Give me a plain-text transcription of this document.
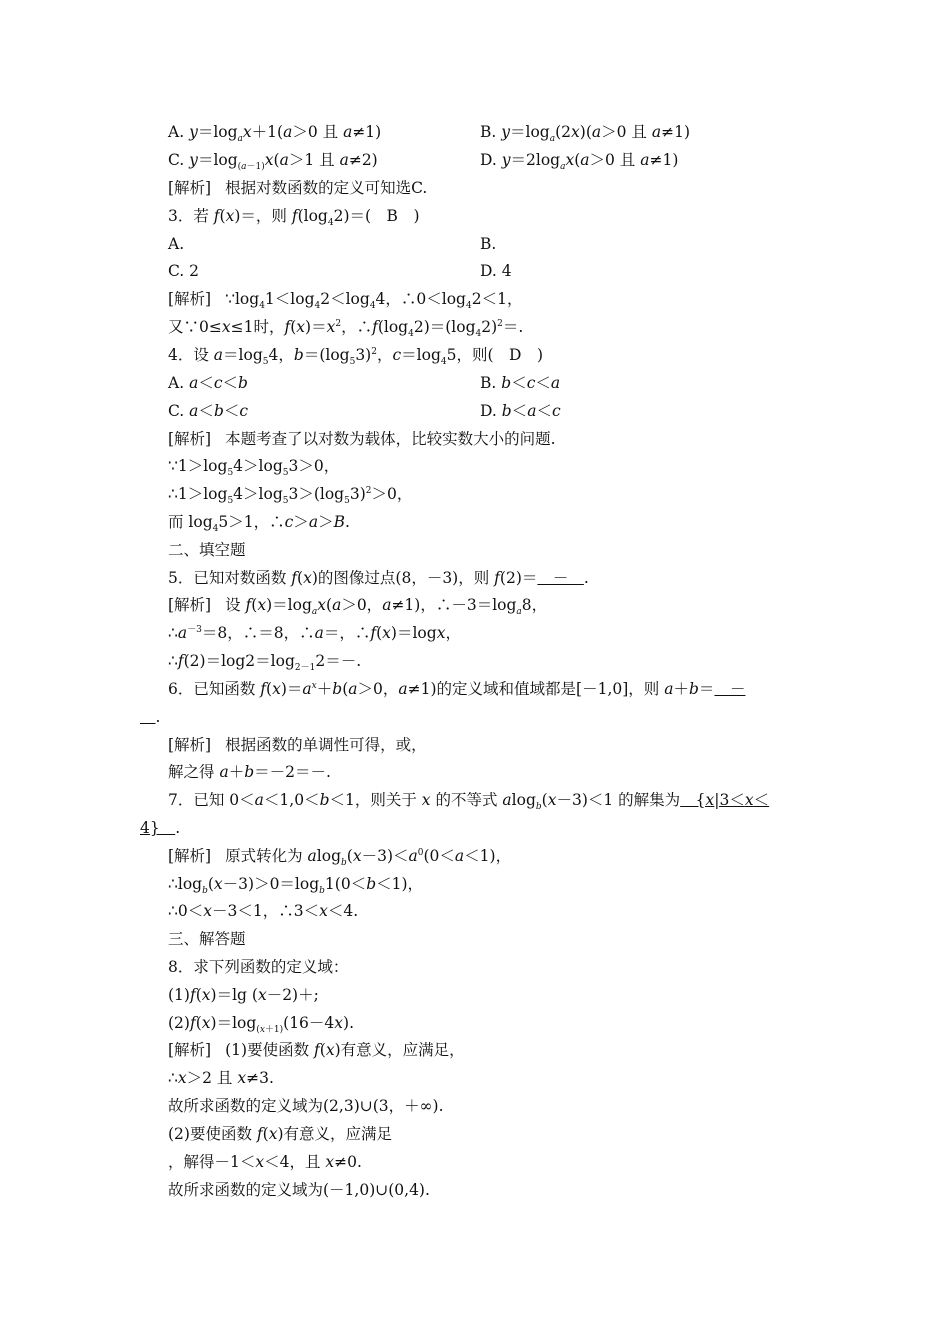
A. $y=\log_ax+1(a>0$ 且 a≠1)	B. $y=\log_a(2x)(a>0$ 且 a≠1)
C. $y=\log_{(a-1)}x(a>1$ 且 a≠2)	D. $y=2\log_ax(a>0$ 且 a≠1)
[解析] 根据对数函数的定义可知选C.
3．若 f(x)＝，则 $f(\log_42)=$(　B　)
A.	B.
C. 2	D. 4
[解析] $\because\log_41<\log_42<\log_44$，$\therefore 0<\log_42<1$，
又∵0≤x≤1时，$f(x)=x^2$，$\therefore f(\log_42)=(\log_42)^2=$.
4．设 $a=\log_54$，$b=(\log_53)^2$，$c=\log_45$，则(　D　)
A. a＜c＜b	B. b＜c＜a
C. a＜b＜c	D. b＜a＜c
[解析] 本题考查了以对数为载体，比较实数大小的问题.
$\because 1>\log_54>\log_53>0$，
$\therefore 1>\log_54>\log_53>(\log_53)^2>0$，
而 $\log_45>1$，∴c＞a＞B.
二、填空题
5．已知对数函数 f(x)的图像过点(8，－3)，则 f(2)＝　－　.
[解析] 设 $f(x)=\log_ax(a>0$，a≠1)，$\therefore-3=\log_a8$，
$\therefore a^{-3}=8$，∴＝8，∴a＝，∴f(x)＝logx，
$\therefore f(2)=\log 2=\log_{2-1}2=-$.
6．已知函数 $f(x)=a^x+b(a>0$，a≠1)的定义域和值域都是[－1,0]，则 a＋b＝　－
　.
[解析] 根据函数的单调性可得，或，
解之得 a＋b＝－2＝－.
7．已知 0＜a＜1,0＜b＜1，则关于 x 的不等式 alog$_b$(x－3)＜1 的解集为　{x|3＜x＜
4}　.
[解析] 原式转化为 $alog_b(x-3)<a^0(0<a<1)$，
$\therefore\log_b(x-3)>0=\log_b1(0<b<1)$，
∴0＜x－3＜1，∴3＜x＜4.
三、解答题
8．求下列函数的定义域：
(1)f(x)＝lg (x－2)＋;
$(2)f(x)=\log_{(x+1)}(16-4x)$.
[解析] (1)要使函数 f(x)有意义，应满足，
∴x＞2 且 x≠3.
故所求函数的定义域为(2,3)∪(3，＋∞).
(2)要使函数 f(x)有意义，应满足
，解得－1＜x＜4，且 x≠0.
故所求函数的定义域为(－1,0)∪(0,4).
